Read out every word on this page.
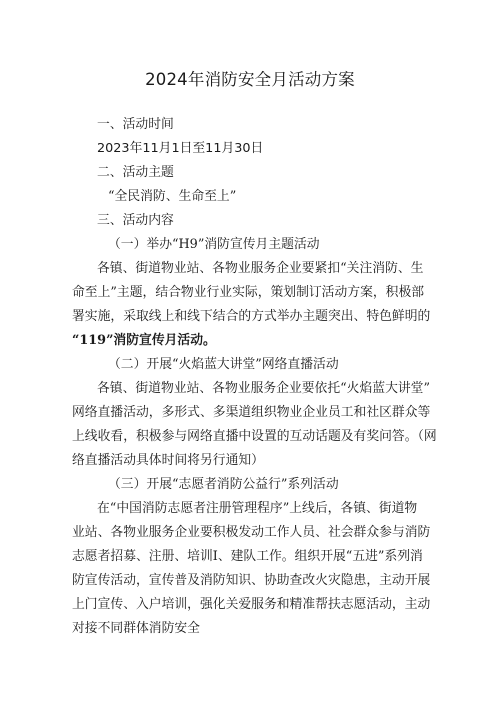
2024年消防安全月活动方案
一、活动时间
2023年11月1日至11月30日
二、活动主题
“全民消防、生命至上”
三、活动内容
（一）举办“H9”消防宣传月主题活动
各镇、街道物业站、各物业服务企业要紧扣“关注消防、生
命至上”主题，结合物业行业实际，策划制订活动方案，积极部
署实施，采取线上和线下结合的方式举办主题突出、特色鲜明的
“119”消防宣传月活动。
（二）开展“火焰蓝大讲堂”网络直播活动
各镇、街道物业站、各物业服务企业要依托“火焰蓝大讲堂”
网络直播活动，多形式、多渠道组织物业企业员工和社区群众等
上线收看，积极参与网络直播中设置的互动话题及有奖问答。（网
络直播活动具体时间将另行通知）
（三）开展“志愿者消防公益行”系列活动
在“中国消防志愿者注册管理程序”上线后，各镇、街道物
业站、各物业服务企业要积极发动工作人员、社会群众参与消防
志愿者招募、注册、培训I、建队工作。组织开展“五进”系列消
防宣传活动，宣传普及消防知识、协助查改火灾隐患，主动开展
上门宣传、入户培训，强化关爱服务和精准帮扶志愿活动，主动
对接不同群体消防安全
